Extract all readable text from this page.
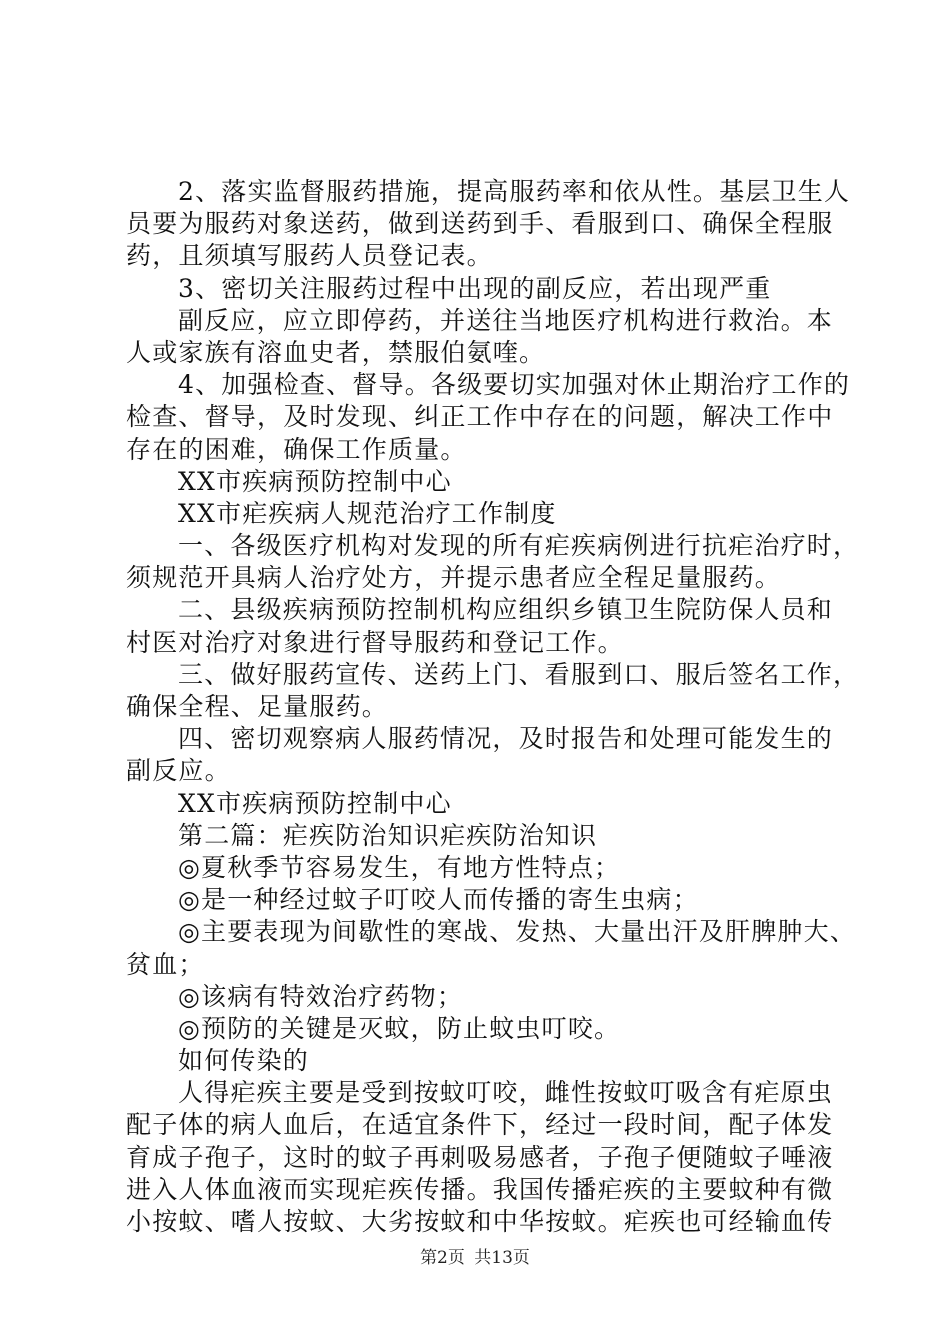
2、落实监督服药措施，提高服药率和依从性。基层卫生人
员要为服药对象送药，做到送药到手、看服到口、确保全程服
药，且须填写服药人员登记表。
3、密切关注服药过程中出现的副反应，若出现严重
副反应，应立即停药，并送往当地医疗机构进行救治。本
人或家族有溶血史者，禁服伯氨喹。
4、加强检查、督导。各级要切实加强对休止期治疗工作的
检查、督导，及时发现、纠正工作中存在的问题，解决工作中
存在的困难，确保工作质量。
XX市疾病预防控制中心
XX市疟疾病人规范治疗工作制度
一、各级医疗机构对发现的所有疟疾病例进行抗疟治疗时，
须规范开具病人治疗处方，并提示患者应全程足量服药。
二、县级疾病预防控制机构应组织乡镇卫生院防保人员和
村医对治疗对象进行督导服药和登记工作。
三、做好服药宣传、送药上门、看服到口、服后签名工作，
确保全程、足量服药。
四、密切观察病人服药情况，及时报告和处理可能发生的
副反应。
XX市疾病预防控制中心
第二篇：疟疾防治知识疟疾防治知识
◎夏秋季节容易发生，有地方性特点；
◎是一种经过蚊子叮咬人而传播的寄生虫病；
◎主要表现为间歇性的寒战、发热、大量出汗及肝脾肿大、
贫血；
◎该病有特效治疗药物；
◎预防的关键是灭蚊，防止蚊虫叮咬。
如何传染的
人得疟疾主要是受到按蚊叮咬，雌性按蚊叮吸含有疟原虫
配子体的病人血后，在适宜条件下，经过一段时间，配子体发
育成子孢子，这时的蚊子再刺吸易感者，子孢子便随蚊子唾液
进入人体血液而实现疟疾传播。我国传播疟疾的主要蚊种有微
小按蚊、嗜人按蚊、大劣按蚊和中华按蚊。疟疾也可经输血传
第2页 共13页
